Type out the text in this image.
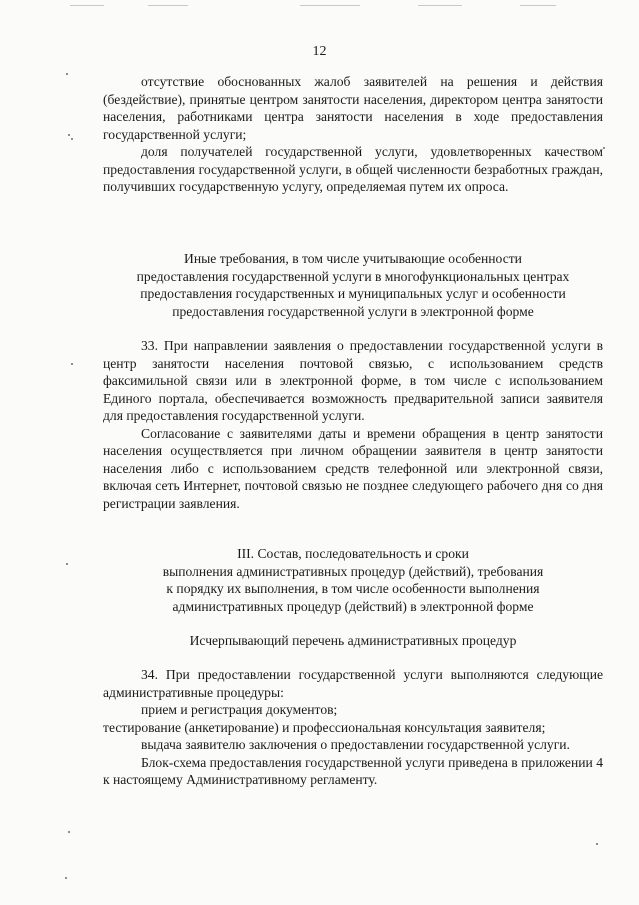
12

отсутствие обоснованных жалоб заявителей на решения и действия (бездействие), принятые центром занятости населения, директором центра занятости населения, работниками центра занятости населения в ходе предоставления государственной услуги;

доля получателей государственной услуги, удовлетворенных качеством предоставления государственной услуги, в общей численности безработных граждан, получивших государственную услугу, определяемая путем их опроса.

Иные требования, в том числе учитывающие особенности
предоставления государственной услуги в многофункциональных центрах
предоставления государственных и муниципальных услуг и особенности
предоставления государственной услуги в электронной форме

33. При направлении заявления о предоставлении государственной услуги в центр занятости населения почтовой связью, с использованием средств факсимильной связи или в электронной форме, в том числе с использованием Единого портала, обеспечивается возможность предварительной записи заявителя для предоставления государственной услуги.

Согласование с заявителями даты и времени обращения в центр занятости населения осуществляется при личном обращении заявителя в центр занятости населения либо с использованием средств телефонной или электронной связи, включая сеть Интернет, почтовой связью не позднее следующего рабочего дня со дня регистрации заявления.

III. Состав, последовательность и сроки
выполнения административных процедур (действий), требования
к порядку их выполнения, в том числе особенности выполнения
административных процедур (действий) в электронной форме
Исчерпывающий перечень административных процедур

34. При предоставлении государственной услуги выполняются следующие административные процедуры:

прием и регистрация документов;

тестирование (анкетирование) и профессиональная консультация заявителя;

выдача заявителю заключения о предоставлении государственной услуги.

Блок-схема предоставления государственной услуги приведена в приложении 4 к настоящему Административному регламенту.
